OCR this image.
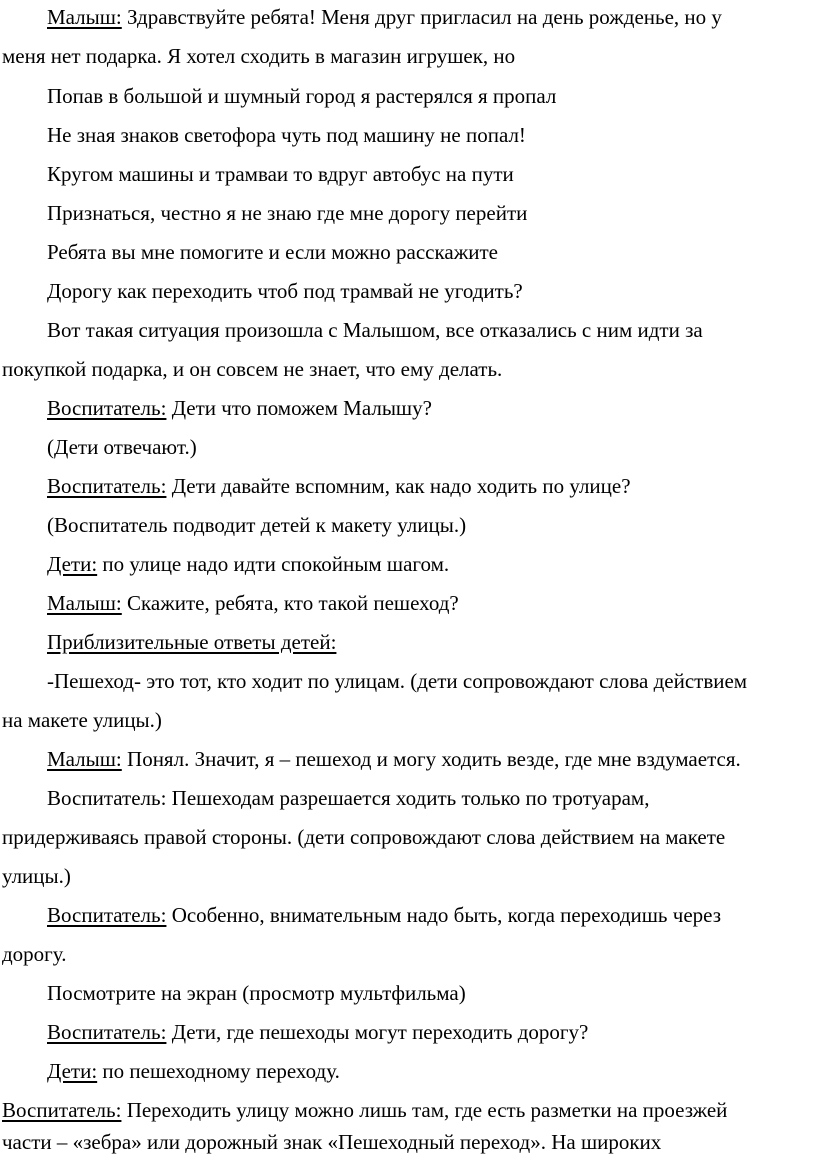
Малыш: Здравствуйте ребята! Меня друг пригласил на день рожденье, но у
меня нет подарка. Я хотел сходить в магазин игрушек, но
Попав в большой и шумный город я растерялся я пропал
Не зная знаков светофора чуть под машину не попал!
Кругом машины и трамваи то вдруг автобус на пути
Признаться, честно я не знаю где мне дорогу перейти
Ребята вы мне помогите и если можно расскажите
Дорогу как переходить чтоб под трамвай не угодить?
Вот такая ситуация произошла с Малышом, все отказались с ним идти за
покупкой подарка, и он совсем не знает, что ему делать.
Воспитатель: Дети что поможем Малышу?
(Дети отвечают.)
Воспитатель: Дети давайте вспомним, как надо ходить по улице?
(Воспитатель подводит детей к макету улицы.)
Дети: по улице надо идти спокойным шагом.
Малыш: Скажите, ребята, кто такой пешеход?
Приблизительные ответы детей:
-Пешеход- это тот, кто ходит по улицам. (дети сопровождают слова действием
на макете улицы.)
Малыш: Понял. Значит, я – пешеход и могу ходить везде, где мне вздумается.
Воспитатель: Пешеходам разрешается ходить только по тротуарам,
придерживаясь правой стороны. (дети сопровождают слова действием на макете
улицы.)
Воспитатель: Особенно, внимательным надо быть, когда переходишь через
дорогу.
Посмотрите на экран (просмотр мультфильма)
Воспитатель: Дети, где пешеходы могут переходить дорогу?
Дети: по пешеходному переходу.
Воспитатель: Переходить улицу можно лишь там, где есть разметки на проезжей
части – «зебра» или дорожный знак «Пешеходный переход». На широких
